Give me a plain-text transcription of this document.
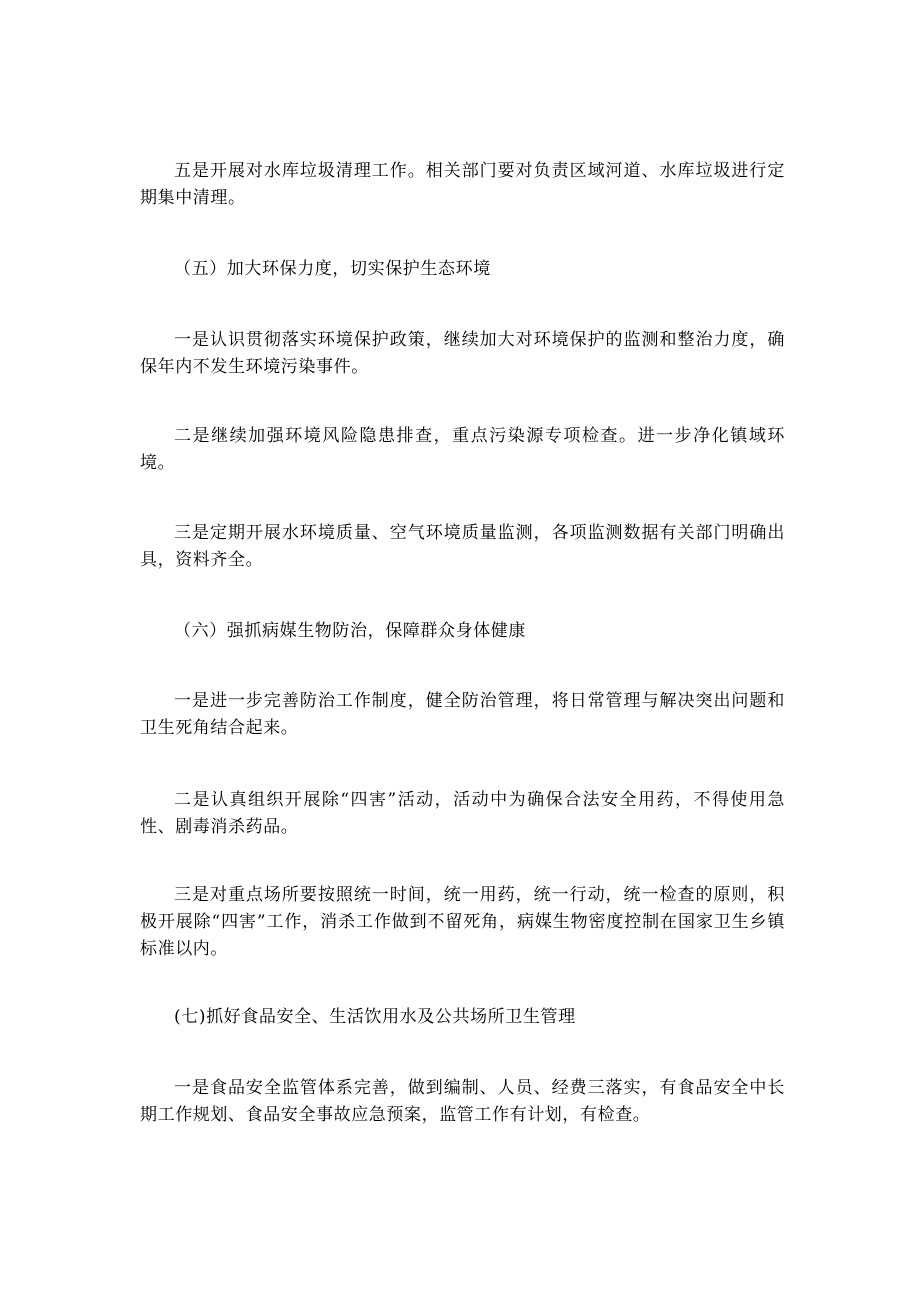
五是开展对水库垃圾清理工作。相关部门要对负责区域河道、水库垃圾进行定期集中清理。

（五）加大环保力度，切实保护生态环境

一是认识贯彻落实环境保护政策，继续加大对环境保护的监测和整治力度，确保年内不发生环境污染事件。

二是继续加强环境风险隐患排查，重点污染源专项检查。进一步净化镇域环境。

三是定期开展水环境质量、空气环境质量监测，各项监测数据有关部门明确出具，资料齐全。

（六）强抓病媒生物防治，保障群众身体健康

一是进一步完善防治工作制度，健全防治管理，将日常管理与解决突出问题和卫生死角结合起来。

二是认真组织开展除“四害”活动，活动中为确保合法安全用药，不得使用急性、剧毒消杀药品。

三是对重点场所要按照统一时间，统一用药，统一行动，统一检查的原则，积极开展除“四害”工作，消杀工作做到不留死角，病媒生物密度控制在国家卫生乡镇标准以内。

(七)抓好食品安全、生活饮用水及公共场所卫生管理

一是食品安全监管体系完善，做到编制、人员、经费三落实，有食品安全中长期工作规划、食品安全事故应急预案，监管工作有计划，有检查。
